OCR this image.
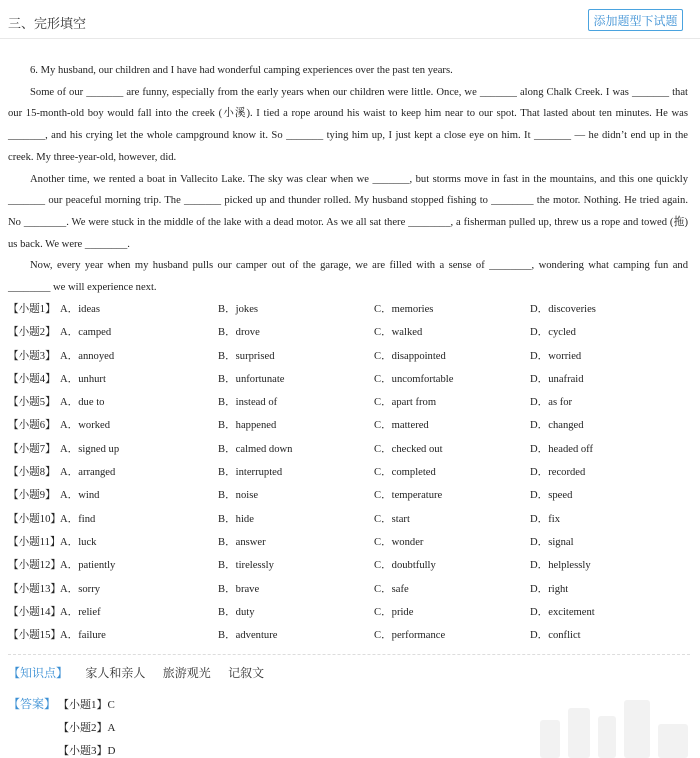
三、完形填空	添加题型下试题

6. My husband, our children and I have had wonderful camping experiences over the past ten years.

Some of our _______ are funny, especially from the early years when our children were little. Once, we _______ along Chalk Creek. I was _______ that our 15-month-old boy would fall into the creek (小溪). I tied a rope around his waist to keep him near to our spot. That lasted about ten minutes. He was _______, and his crying let the whole campground know it. So _______ tying him up, I just kept a close eye on him. It _______ — he didn’t end up in the creek. My three-year-old, however, did.

Another time, we rented a boat in Vallecito Lake. The sky was clear when we _______, but storms move in fast in the mountains, and this one quickly _______ our peaceful morning trip. The _______ picked up and thunder rolled. My husband stopped fishing to ________ the motor. Nothing. He tried again. No ________. We were stuck in the middle of the lake with a dead motor. As we all sat there ________, a fisherman pulled up, threw us a rope and towed (拖) us back. We were ________.

Now, every year when my husband pulls our camper out of the garage, we are filled with a sense of ________, wondering what camping fun and ________ we will experience next.

【小题1】 A．ideas	B．jokes	C．memories	D．discoveries
【小题2】 A．camped	B．drove	C．walked	D．cycled
【小题3】 A．annoyed	B．surprised	C．disappointed	D．worried
【小题4】 A．unhurt	B．unfortunate	C．uncomfortable	D．unafraid
【小题5】 A．due to	B．instead of	C．apart from	D．as for
【小题6】 A．worked	B．happened	C．mattered	D．changed
【小题7】 A．signed up	B．calmed down	C．checked out	D．headed off
【小题8】 A．arranged	B．interrupted	C．completed	D．recorded
【小题9】 A．wind	B．noise	C．temperature	D．speed
【小题10】 A．find	B．hide	C．start	D．fix
【小题11】 A．luck	B．answer	C．wonder	D．signal
【小题12】 A．patiently	B．tirelessly	C．doubtfully	D．helplessly
【小题13】 A．sorry	B．brave	C．safe	D．right
【小题14】 A．relief	B．duty	C．pride	D．excitement
【小题15】 A．failure	B．adventure	C．performance	D．conflict
【知识点】 家人和亲人 旅游观光 记叙文
【答案】 【小题1】C
【小题2】A
【小题3】D
